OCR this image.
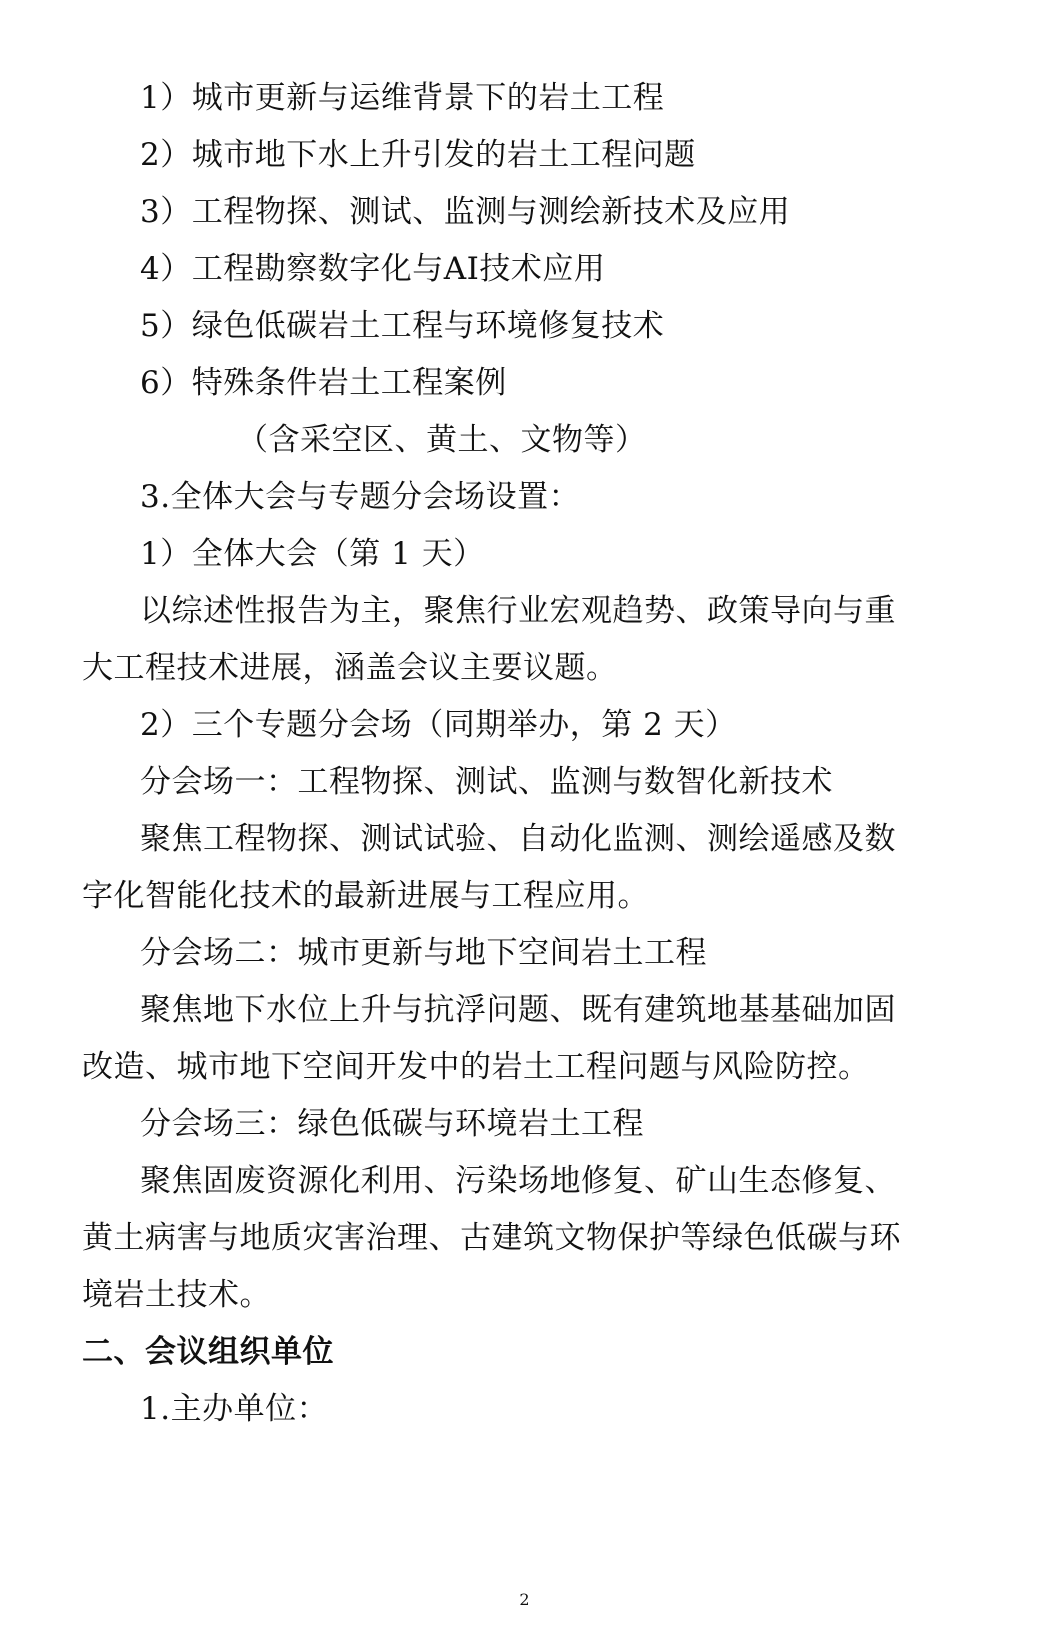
1）城市更新与运维背景下的岩土工程
2）城市地下水上升引发的岩土工程问题
3）工程物探、测试、监测与测绘新技术及应用
4）工程勘察数字化与AI技术应用
5）绿色低碳岩土工程与环境修复技术
6）特殊条件岩土工程案例
（含采空区、黄土、文物等）
3.全体大会与专题分会场设置：
1）全体大会（第 1 天）
以综述性报告为主，聚焦行业宏观趋势、政策导向与重
大工程技术进展，涵盖会议主要议题。
2）三个专题分会场（同期举办，第 2 天）
分会场一：工程物探、测试、监测与数智化新技术
聚焦工程物探、测试试验、自动化监测、测绘遥感及数
字化智能化技术的最新进展与工程应用。
分会场二：城市更新与地下空间岩土工程
聚焦地下水位上升与抗浮问题、既有建筑地基基础加固
改造、城市地下空间开发中的岩土工程问题与风险防控。
分会场三：绿色低碳与环境岩土工程
聚焦固废资源化利用、污染场地修复、矿山生态修复、
黄土病害与地质灾害治理、古建筑文物保护等绿色低碳与环
境岩土技术。
二、会议组织单位
1.主办单位：
2
